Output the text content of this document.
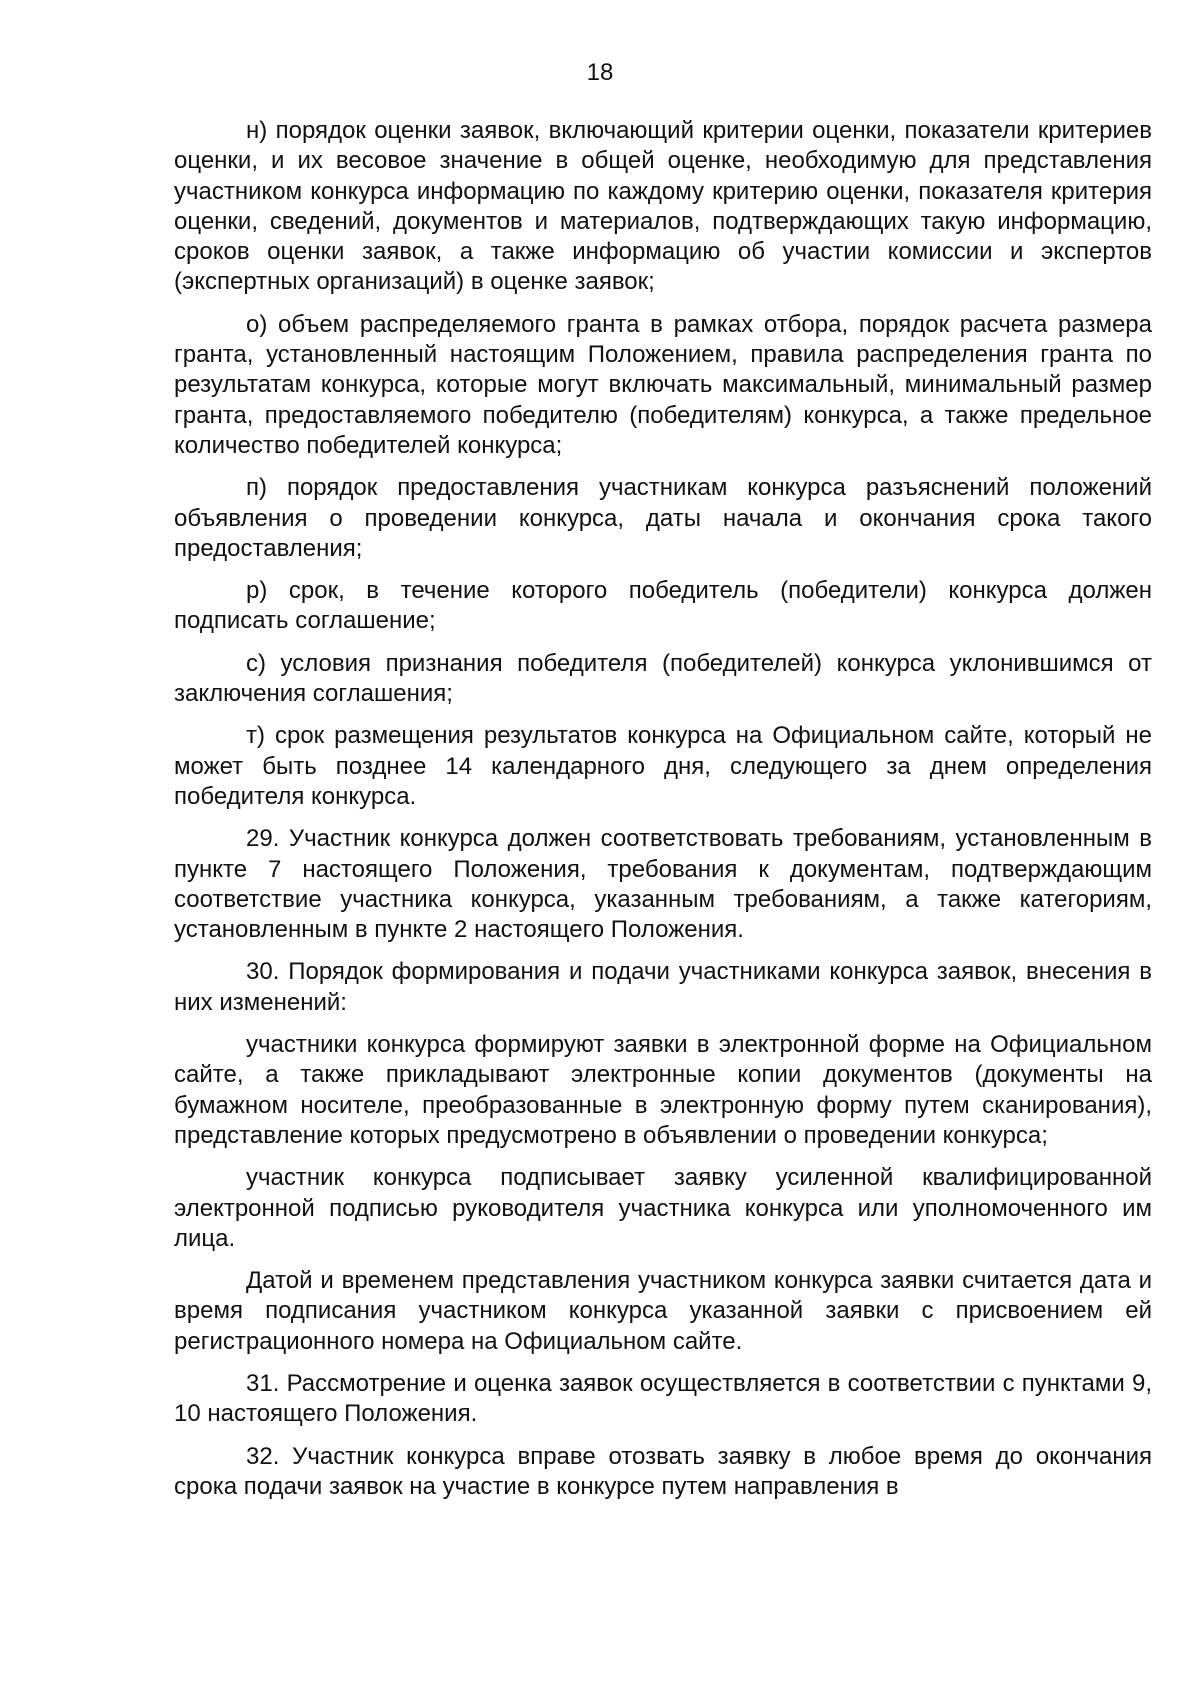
18

н) порядок оценки заявок, включающий критерии оценки, показатели критериев оценки, и их весовое значение в общей оценке, необходимую для представления участником конкурса информацию по каждому критерию оценки, показателя критерия оценки, сведений, документов и материалов, подтверждающих такую информацию, сроков оценки заявок, а также информацию об участии комиссии и экспертов (экспертных организаций) в оценке заявок;

о) объем распределяемого гранта в рамках отбора, порядок расчета размера гранта, установленный настоящим Положением, правила распределения гранта по результатам конкурса, которые могут включать максимальный, минимальный размер гранта, предоставляемого победителю (победителям) конкурса, а также предельное количество победителей конкурса;

п) порядок предоставления участникам конкурса разъяснений положений объявления о проведении конкурса, даты начала и окончания срока такого предоставления;

р) срок, в течение которого победитель (победители) конкурса должен подписать соглашение;

с) условия признания победителя (победителей) конкурса уклонившимся от заключения соглашения;

т) срок размещения результатов конкурса на Официальном сайте, который не может быть позднее 14 календарного дня, следующего за днем определения победителя конкурса.

29. Участник конкурса должен соответствовать требованиям, установленным в пункте 7 настоящего Положения, требования к документам, подтверждающим соответствие участника конкурса, указанным требованиям, а также категориям, установленным в пункте 2 настоящего Положения.

30. Порядок формирования и подачи участниками конкурса заявок, внесения в них изменений:

участники конкурса формируют заявки в электронной форме на Официальном сайте, а также прикладывают электронные копии документов (документы на бумажном носителе, преобразованные в электронную форму путем сканирования), представление которых предусмотрено в объявлении о проведении конкурса;

участник конкурса подписывает заявку усиленной квалифицированной электронной подписью руководителя участника конкурса или уполномоченного им лица.

Датой и временем представления участником конкурса заявки считается дата и время подписания участником конкурса указанной заявки с присвоением ей регистрационного номера на Официальном сайте.

31. Рассмотрение и оценка заявок осуществляется в соответствии с пунктами 9, 10 настоящего Положения.

32. Участник конкурса вправе отозвать заявку в любое время до окончания срока подачи заявок на участие в конкурсе путем направления в
